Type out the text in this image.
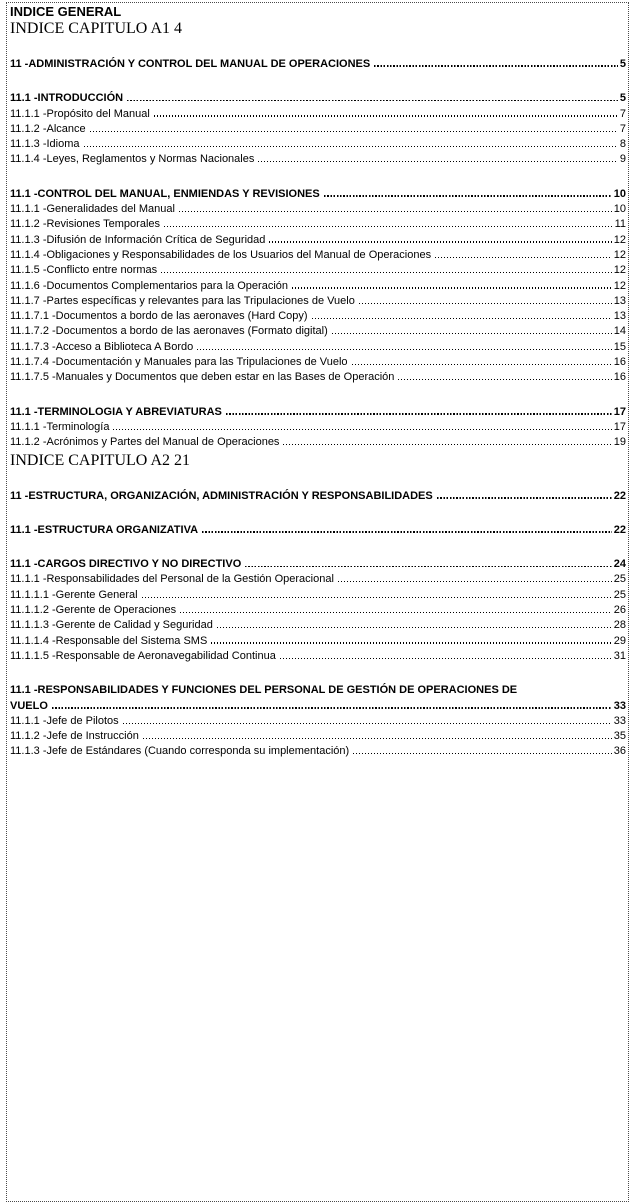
INDICE GENERAL
INDICE CAPITULO A1 4
11 -ADMINISTRACIÓN Y CONTROL DEL MANUAL DE OPERACIONES	5
11.1 -INTRODUCCIÓN	5
11.1.1 -Propósito del Manual	7
11.1.2 -Alcance	7
11.1.3 -Idioma	8
11.1.4 -Leyes, Reglamentos y Normas Nacionales	9
11.1 -CONTROL DEL MANUAL, ENMIENDAS Y REVISIONES	10
11.1.1 -Generalidades del Manual	10
11.1.2 -Revisiones Temporales	11
11.1.3 -Difusión de Información Crítica de Seguridad	12
11.1.4 -Obligaciones y Responsabilidades de los Usuarios del Manual de Operaciones	12
11.1.5 -Conflicto entre normas	12
11.1.6 -Documentos Complementarios para la Operación	12
11.1.7 -Partes específicas y relevantes para las Tripulaciones de Vuelo	13
11.1.7.1 -Documentos a bordo de las aeronaves (Hard Copy)	13
11.1.7.2 -Documentos a bordo de las aeronaves (Formato digital)	14
11.1.7.3 -Acceso a Biblioteca A Bordo	15
11.1.7.4 -Documentación y Manuales para las Tripulaciones de Vuelo	16
11.1.7.5 -Manuales y Documentos que deben estar en las Bases de Operación	16
11.1 -TERMINOLOGIA Y ABREVIATURAS	17
11.1.1 -Terminología	17
11.1.2 -Acrónimos y Partes del Manual de Operaciones	19
INDICE CAPITULO A2 21
11 -ESTRUCTURA, ORGANIZACIÓN, ADMINISTRACIÓN Y RESPONSABILIDADES	22
11.1 -ESTRUCTURA ORGANIZATIVA	22
11.1 -CARGOS DIRECTIVO Y NO DIRECTIVO	24
11.1.1 -Responsabilidades del Personal de la Gestión Operacional	25
11.1.1.1 -Gerente General	25
11.1.1.2 -Gerente de Operaciones	26
11.1.1.3 -Gerente de Calidad y Seguridad	28
11.1.1.4 -Responsable del Sistema SMS	29
11.1.1.5 -Responsable de Aeronavegabilidad Continua	31
11.1 -RESPONSABILIDADES Y FUNCIONES DEL PERSONAL DE GESTIÓN DE OPERACIONES DE
VUELO	33
11.1.1 -Jefe de Pilotos	33
11.1.2 -Jefe de Instrucción	35
11.1.3 -Jefe de Estándares (Cuando corresponda su implementación)	36
